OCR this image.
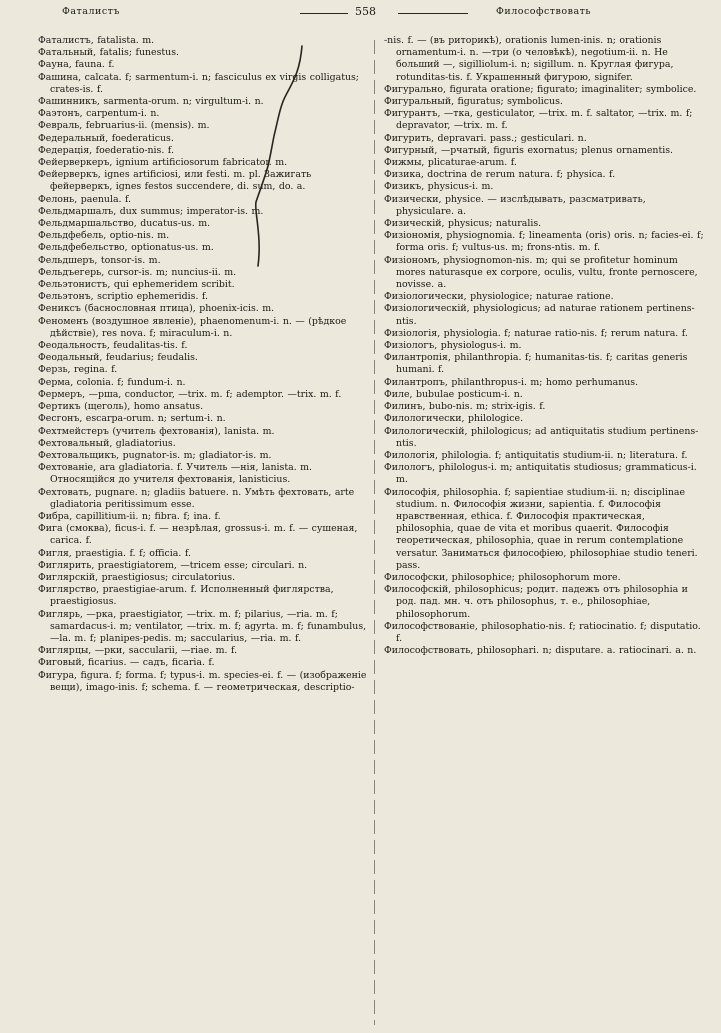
Фаталистъ	558	Философствовать

Фаталистъ, fatalista. m.

Фатальный, fatalis; funestus.

Фауна, fauna. f.

Фашина, calcata. f; sarmentum-i. n; fasciculus ex virgis colligatus; crates-is. f.

Фашинникъ, sarmenta-orum. n; virgultum-i. n.

Фаэтонъ, carpentum-i. n.

Февраль, februarius-ii. (mensis). m.

Федеральный, foederaticus.

Федерація, foederatio-nis. f.

Фейерверкеръ, ignium artificiosorum fabricator. m.

Фейерверкъ, ignes artificiosi, или festi. m. pl. Зажигать фейерверкъ, ignes festos succendere, di. sum, do. a.

Фелонь, paenula. f.

Фельдмаршалъ, dux summus; imperator-is. m.

Фельдмаршальство, ducatus-us. m.

Фельдфебель, optio-nis. m.

Фельдфебельство, optionatus-us. m.

Фельдшеръ, tonsor-is. m.

Фельдъегерь, cursor-is. m; nuncius-ii. m.

Фельэтонистъ, qui ephemeridem scribit.

Фельэтонъ, scriptio ephemeridis. f.

Фениксъ (баснословная птица), phoenix-icis. m.

Феноменъ (воздушное явленіе), phaenomenum-i. n. — (рѣдкое дѣйствіе), res nova. f; miraculum-i. n.

Феодальность, feudalitas-tis. f.

Феодальный, feudarius; feudalis.

Ферзь, regina. f.

Ферма, colonia. f; fundum-i. n.

Фермеръ, —рша, conductor, —trix. m. f; ademptor. —trix. m. f.

Фертикъ (щеголь), homo ansatus.

Фесгонъ, escarpa-orum. n; sertum-i. n.

Фехтмейстеръ (учитель фехтованія), lanista. m.

Фехтовальный, gladiatorius.

Фехтовальщикъ, pugnator-is. m; gladiator-is. m.

Фехтованіе, ara gladiatoria. f. Учитель —нія, lanista. m. Относящійся до учителя фехтованія, lanisticius.

Фехтовать, pugnare. n; gladiis batuere. n. Умѣть фехтовать, arte gladiatoria peritissimum esse.

Фибра, capillitium-ii. n; fibra. f; ina. f.

Фига (смоква), ficus-i. f. — незрѣлая, grossus-i. m. f. — сушеная, carica. f.

Фигля, praestigia. f. f; officia. f.

Фиглярить, praestigiatorem, —tricem esse; circulari. n.

Фиглярскій, praestigiosus; circulatorius.

Фиглярство, praestigiae-arum. f. Исполненный фиглярства, praestigiosus.

Фиглярь, —рка, praestigiator, —trix. m. f; pilarius, —ria. m. f; samardacus-i. m; ventilator, —trix. m. f; agyrta. m. f; funambulus, —la. m. f; planipes-pedis. m; saccularius, —ria. m. f.

Фиглярцы, —рки, saccularii, —riae. m. f.

Фиговый, ficarius. — садъ, ficaria. f.

Фигура, figura. f; forma. f; typus-i. m. species-ei. f. — (изображеніе вещи), imago-inis. f; schema. f. — геометрическая, descriptio-

-nis. f. — (въ риторикѣ), orationis lumen-inis. n; orationis ornamentum-i. n. —три (о человѣкѣ), negotium-ii. n. Не больший —, sigilliolum-i. n; sigillum. n. Круглая фигура, rotunditas-tis. f. Украшенный фигурою, signifer.

Фигурально, figurata oratione; figurato; imaginaliter; symbolice.

Фигуральный, figuratus; symbolicus.

Фигурантъ, —тка, gesticulator, —trix. m. f. saltator, —trix. m. f; depravator, —trix. m. f.

Фигурить, depravari. pass.; gesticulari. n.

Фигурный, —рчатый, figuris exornatus; plenus ornamentis.

Фижмы, plicaturae-arum. f.

Физика, doctrina de rerum natura. f; physica. f.

Физикъ, physicus-i. m.

Физически, physice. — изслѣдывать, разсматривать, physiculare. a.

Физическій, physicus; naturalis.

Физіономія, physiognomia. f; lineamenta (oris) oris. n; facies-ei. f; forma oris. f; vultus-us. m; frons-ntis. m. f.

Физіономъ, physiognomon-nis. m; qui se profitetur hominum mores naturasque ex corpore, oculis, vultu, fronte pernoscere, novisse. a.

Физіологически, physiologice; naturae ratione.

Физіологическій, physiologicus; ad naturae rationem pertinens-ntis.

Физіологія, physiologia. f; naturae ratio-nis. f; rerum natura. f.

Физіологъ, physiologus-i. m.

Филантропія, philanthropia. f; humanitas-tis. f; caritas generis humani. f.

Филантропъ, philanthropus-i. m; homo perhumanus.

Филе, bubulae posticum-i. n.

Филинъ, bubo-nis. m; strix-igis. f.

Филологически, philologice.

Филологическій, philologicus; ad antiquitatis studium pertinens-ntis.

Филологія, philologia. f; antiquitatis studium-ii. n; literatura. f.

Филологъ, philologus-i. m; antiquitatis studiosus; grammaticus-i. m.

Философія, philosophia. f; sapientiae studium-ii. n; disciplinae studium. n. Философія жизни, sapientia. f. Философія нравственная, ethica. f. Философія практическая, philosophia, quae de vita et moribus quaerit. Философія теоретическая, philosophia, quae in rerum contemplatione versatur. Заниматься философіею, philosophiae studio teneri. pass.

Философски, philosophice; philosophorum more.

Философскій, philosophicus; родит. падежъ отъ philosophia и род. пад. мн. ч. отъ philosophus, т. е., philosophiae, philosophorum.

Философствованіе, philosophatio-nis. f; ratiocinatio. f; disputatio. f.

Философствовать, philosophari. n; disputare. a. ratiocinari. a. n.
